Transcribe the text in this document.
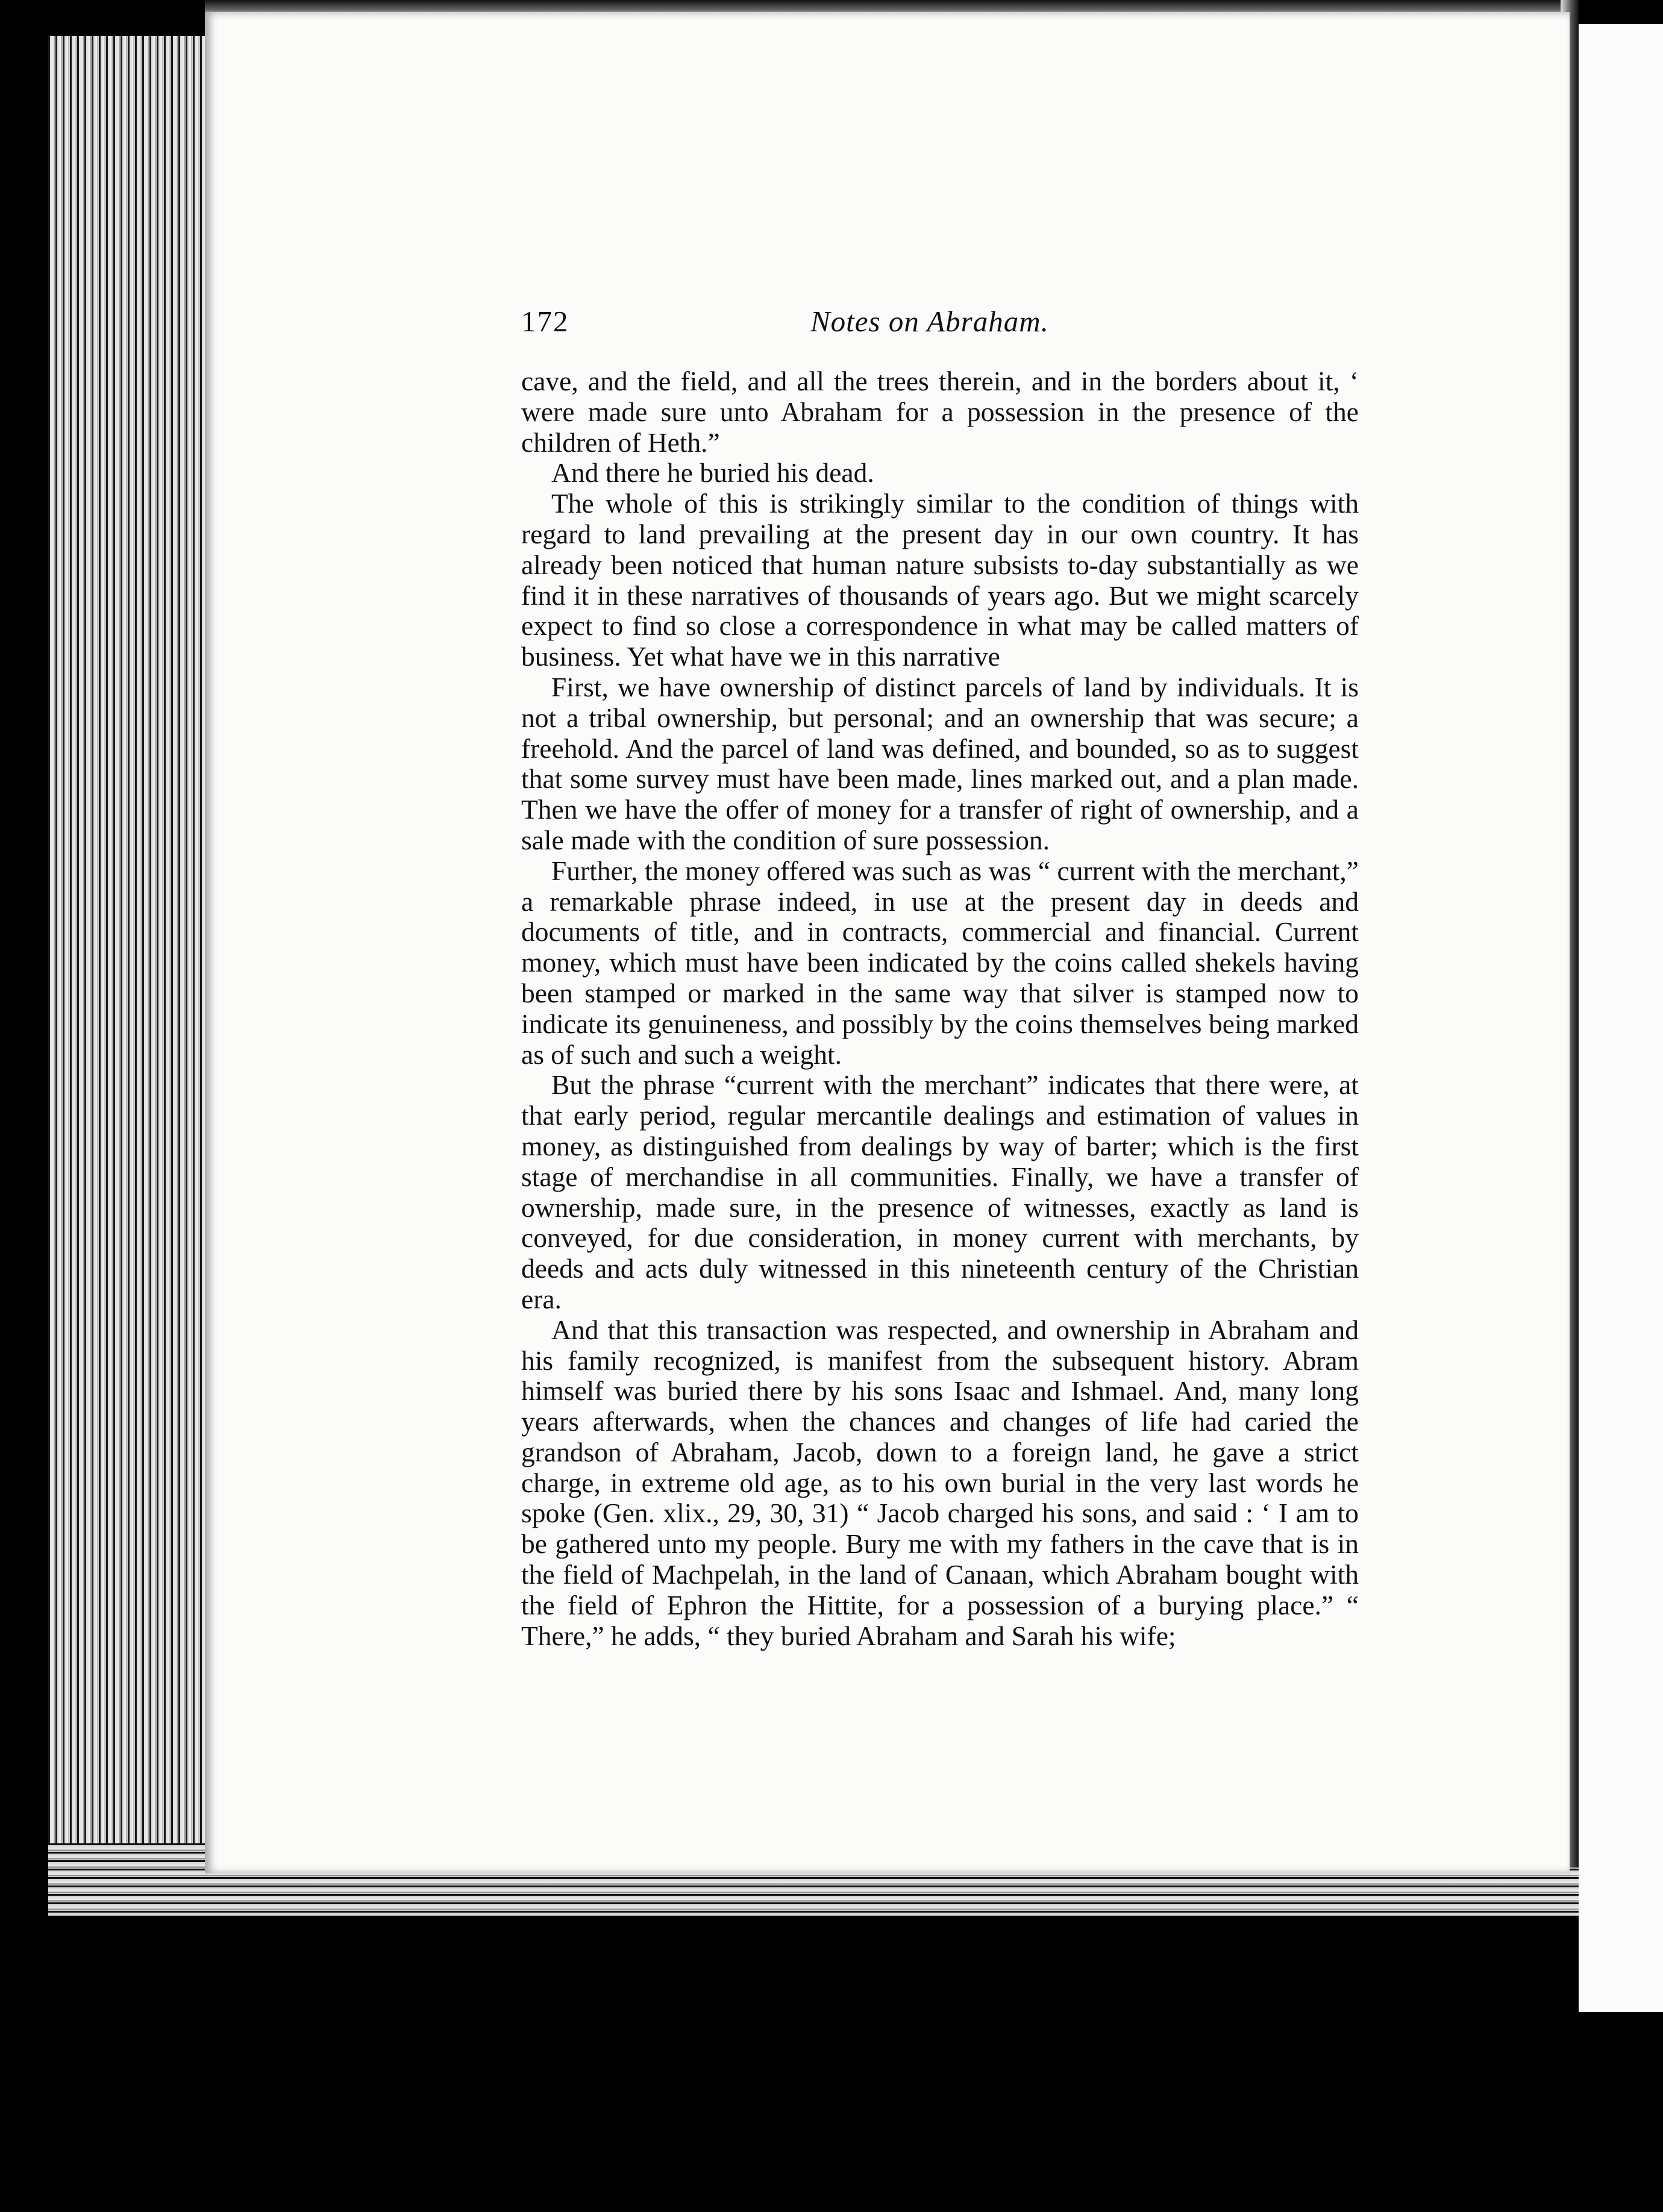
172	Notes on Abraham.

cave, and the field, and all the trees therein, and in the borders about it, ‘ were made sure unto Abraham for a possession in the presence of the children of Heth.”

And there he buried his dead.

The whole of this is strikingly similar to the condition of things with regard to land prevailing at the present day in our own country. It has already been noticed that human nature subsists to-day substantially as we find it in these narratives of thousands of years ago. But we might scarcely expect to find so close a correspondence in what may be called matters of business. Yet what have we in this narrative

First, we have ownership of distinct parcels of land by individuals. It is not a tribal ownership, but personal; and an ownership that was secure; a freehold. And the parcel of land was defined, and bounded, so as to suggest that some survey must have been made, lines marked out, and a plan made. Then we have the offer of money for a transfer of right of ownership, and a sale made with the condition of sure possession.

Further, the money offered was such as was “ current with the merchant,” a remarkable phrase indeed, in use at the present day in deeds and documents of title, and in contracts, commercial and financial. Current money, which must have been indicated by the coins called shekels having been stamped or marked in the same way that silver is stamped now to indicate its genuineness, and possibly by the coins themselves being marked as of such and such a weight.

But the phrase “current with the merchant” indicates that there were, at that early period, regular mercantile dealings and estimation of values in money, as distinguished from dealings by way of barter; which is the first stage of merchandise in all communities. Finally, we have a transfer of ownership, made sure, in the presence of witnesses, exactly as land is conveyed, for due consideration, in money current with merchants, by deeds and acts duly witnessed in this nineteenth century of the Christian era.

And that this transaction was respected, and ownership in Abraham and his family recognized, is manifest from the subsequent history. Abram himself was buried there by his sons Isaac and Ishmael. And, many long years afterwards, when the chances and changes of life had caried the grandson of Abraham, Jacob, down to a foreign land, he gave a strict charge, in extreme old age, as to his own burial in the very last words he spoke (Gen. xlix., 29, 30, 31) “ Jacob charged his sons, and said : ‘ I am to be gathered unto my people. Bury me with my fathers in the cave that is in the field of Machpelah, in the land of Canaan, which Abraham bought with the field of Ephron the Hittite, for a possession of a burying place.” “ There,” he adds, “ they buried Abraham and Sarah his wife;
